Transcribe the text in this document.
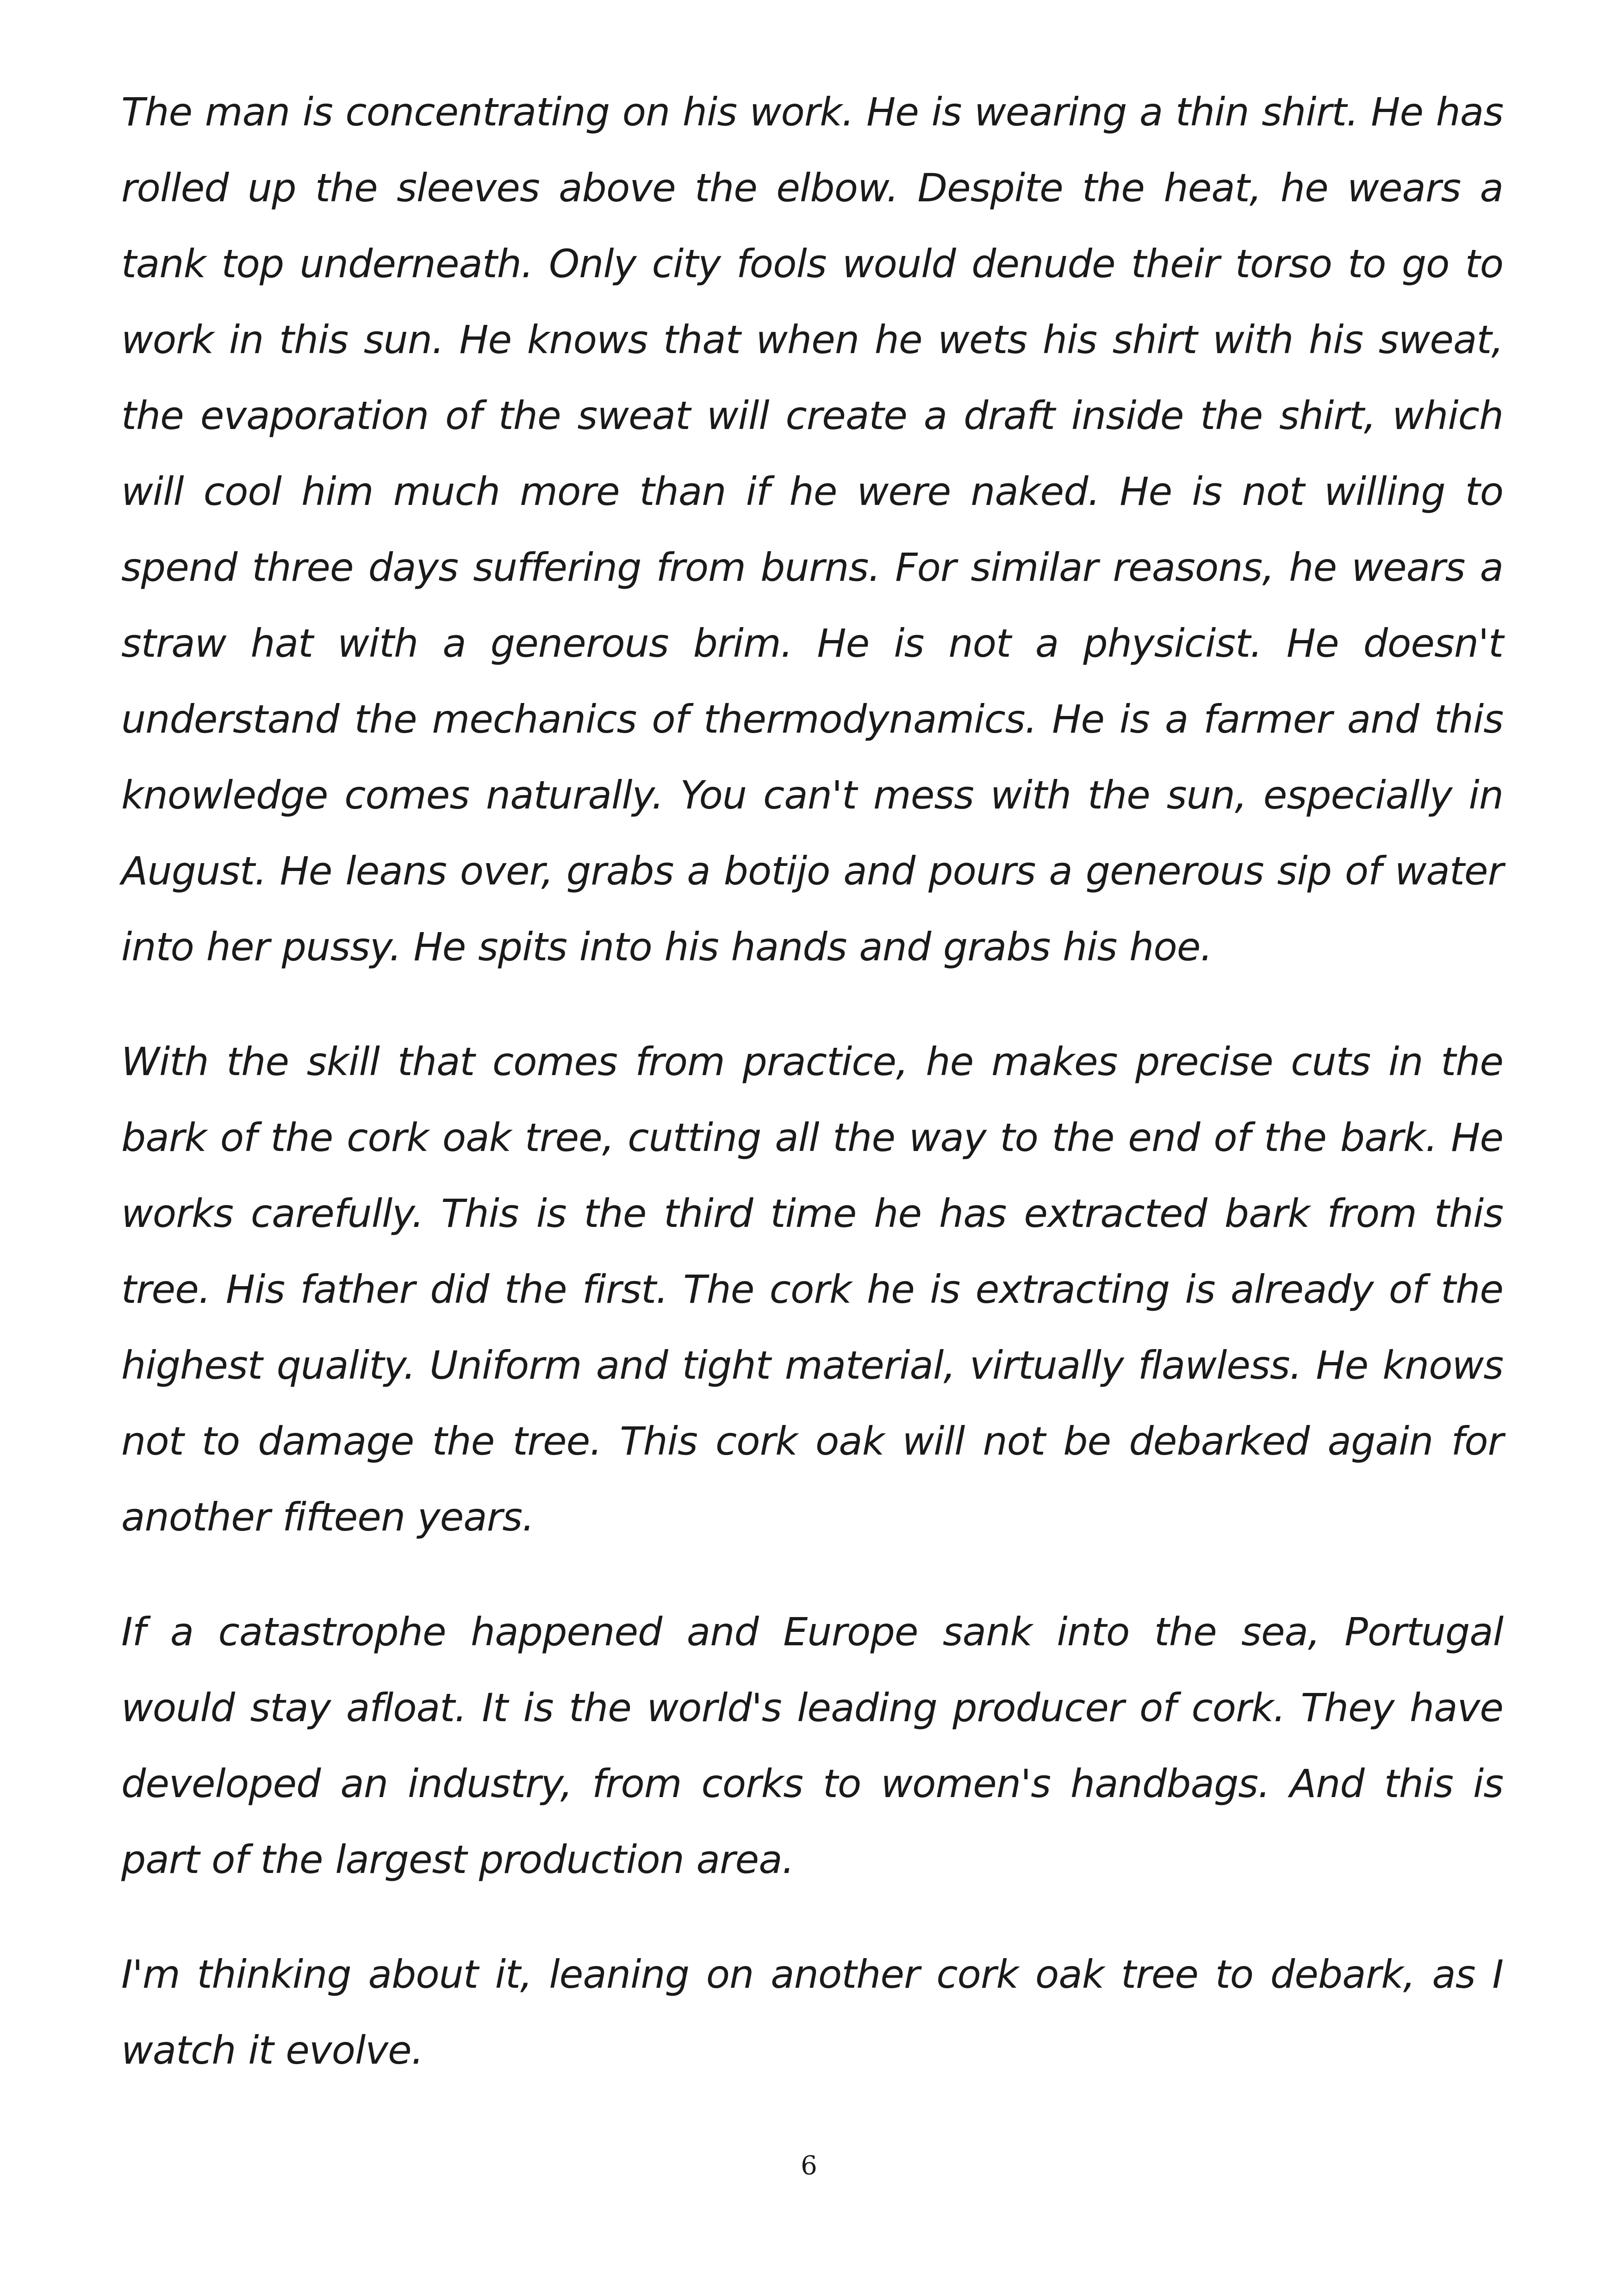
The man is concentrating on his work. He is wearing a thin shirt. He has rolled up the sleeves above the elbow. Despite the heat, he wears a tank top underneath. Only city fools would denude their torso to go to work in this sun. He knows that when he wets his shirt with his sweat, the evaporation of the sweat will create a draft inside the shirt, which will cool him much more than if he were naked. He is not willing to spend three days suffering from burns. For similar reasons, he wears a straw hat with a generous brim. He is not a physicist. He doesn't understand the mechanics of thermodynamics. He is a farmer and this knowledge comes naturally. You can't mess with the sun, especially in August. He leans over, grabs a botijo and pours a generous sip of water into her pussy. He spits into his hands and grabs his hoe.

With the skill that comes from practice, he makes precise cuts in the bark of the cork oak tree, cutting all the way to the end of the bark. He works carefully. This is the third time he has extracted bark from this tree. His father did the first. The cork he is extracting is already of the highest quality. Uniform and tight material, virtually flawless. He knows not to damage the tree. This cork oak will not be debarked again for another fifteen years.

If a catastrophe happened and Europe sank into the sea, Portugal would stay afloat. It is the world's leading producer of cork. They have developed an industry, from corks to women's handbags. And this is part of the largest production area.

I'm thinking about it, leaning on another cork oak tree to debark, as I watch it evolve.

6
